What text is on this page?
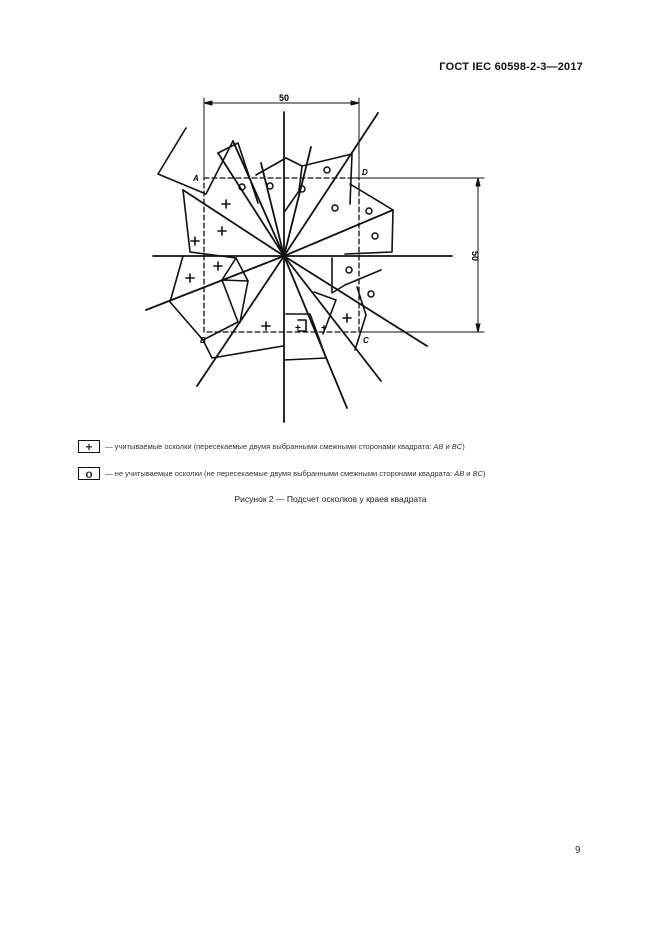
ГОСТ IEC 60598-2-3—2017
+ +
50
50
A
D
B	C
+ — учитываемые осколки (пересекаемые двумя выбранными смежными сторонами квадрата: AB и BC)
o — не учитываемые осколки (не пересекаемые двумя выбранными смежными сторонами квадрата: AB и BC)
Рисунок 2 — Подсчет осколков у краев квадрата
9
